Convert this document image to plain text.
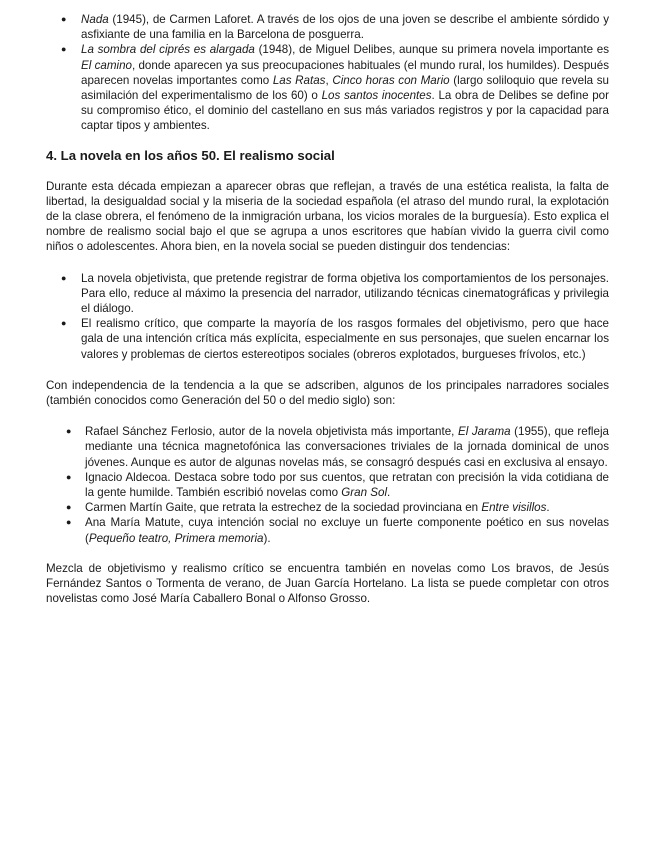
● Nada (1945), de Carmen Laforet. A través de los ojos de una joven se describe el ambiente sórdido y asfixiante de una familia en la Barcelona de posguerra.
● La sombra del ciprés es alargada (1948), de Miguel Delibes, aunque su primera novela importante es El camino, donde aparecen ya sus preocupaciones habituales (el mundo rural, los humildes). Después aparecen novelas importantes como Las Ratas, Cinco horas con Mario (largo soliloquio que revela su asimilación del experimentalismo de los 60) o Los santos inocentes. La obra de Delibes se define por su compromiso ético, el dominio del castellano en sus más variados registros y por la capacidad para captar tipos y ambientes.
4. La novela en los años 50. El realismo social

Durante esta década empiezan a aparecer obras que reflejan, a través de una estética realista, la falta de libertad, la desigualdad social y la miseria de la sociedad española (el atraso del mundo rural, la explotación de la clase obrera, el fenómeno de la inmigración urbana, los vicios morales de la burguesía). Esto explica el nombre de realismo social bajo el que se agrupa a unos escritores que habían vivido la guerra civil como niños o adolescentes. Ahora bien, en la novela social se pueden distinguir dos tendencias:

● La novela objetivista, que pretende registrar de forma objetiva los comportamientos de los personajes. Para ello, reduce al máximo la presencia del narrador, utilizando técnicas cinematográficas y privilegia el diálogo.
● El realismo crítico, que comparte la mayoría de los rasgos formales del objetivismo, pero que hace gala de una intención crítica más explícita, especialmente en sus personajes, que suelen encarnar los valores y problemas de ciertos estereotipos sociales (obreros explotados, burgueses frívolos, etc.)

Con independencia de la tendencia a la que se adscriben, algunos de los principales narradores sociales (también conocidos como Generación del 50 o del medio siglo) son:

● Rafael Sánchez Ferlosio, autor de la novela objetivista más importante, El Jarama (1955), que refleja mediante una técnica magnetofónica las conversaciones triviales de la jornada dominical de unos jóvenes. Aunque es autor de algunas novelas más, se consagró después casi en exclusiva al ensayo.
● Ignacio Aldecoa. Destaca sobre todo por sus cuentos, que retratan con precisión la vida cotidiana de la gente humilde. También escribió novelas como Gran Sol.
● Carmen Martín Gaite, que retrata la estrechez de la sociedad provinciana en Entre visillos.
● Ana María Matute, cuya intención social no excluye un fuerte componente poético en sus novelas (Pequeño teatro, Primera memoria).

Mezcla de objetivismo y realismo crítico se encuentra también en novelas como Los bravos, de Jesús Fernández Santos o Tormenta de verano, de Juan García Hortelano. La lista se puede completar con otros novelistas como José María Caballero Bonal o Alfonso Grosso.
